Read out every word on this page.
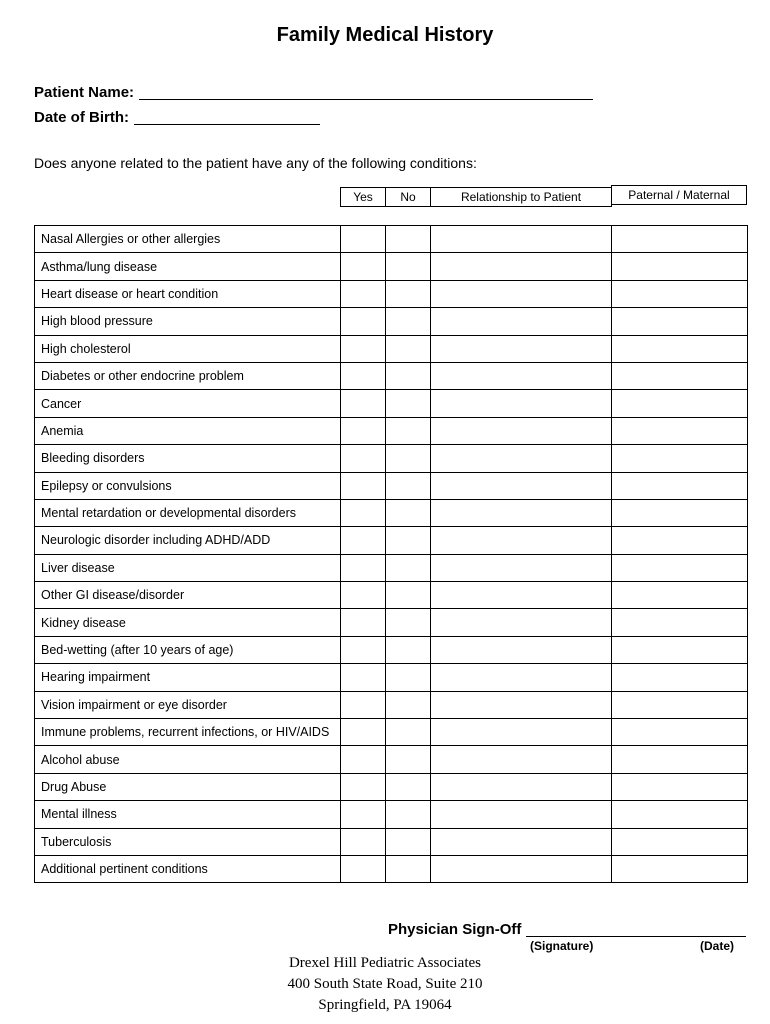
Family Medical History
Patient Name:
Date of Birth:
Does anyone related to the patient have any of the following conditions:
Yes	No	Relationship to Patient	Paternal / Maternal
Nasal Allergies or other allergies				
Asthma/lung disease				
Heart disease or heart condition				
High blood pressure				
High cholesterol				
Diabetes or other endocrine problem				
Cancer				
Anemia				
Bleeding disorders				
Epilepsy or convulsions				
Mental retardation or developmental disorders				
Neurologic disorder including ADHD/ADD				
Liver disease				
Other GI disease/disorder				
Kidney disease				
Bed-wetting (after 10 years of age)				
Hearing impairment				
Vision impairment or eye disorder				
Immune problems, recurrent infections, or HIV/AIDS				
Alcohol abuse				
Drug Abuse				
Mental illness				
Tuberculosis				
Additional pertinent conditions				
Physician Sign-Off
(Signature)	(Date)
Drexel Hill Pediatric Associates
400 South State Road, Suite 210
Springfield, PA 19064
